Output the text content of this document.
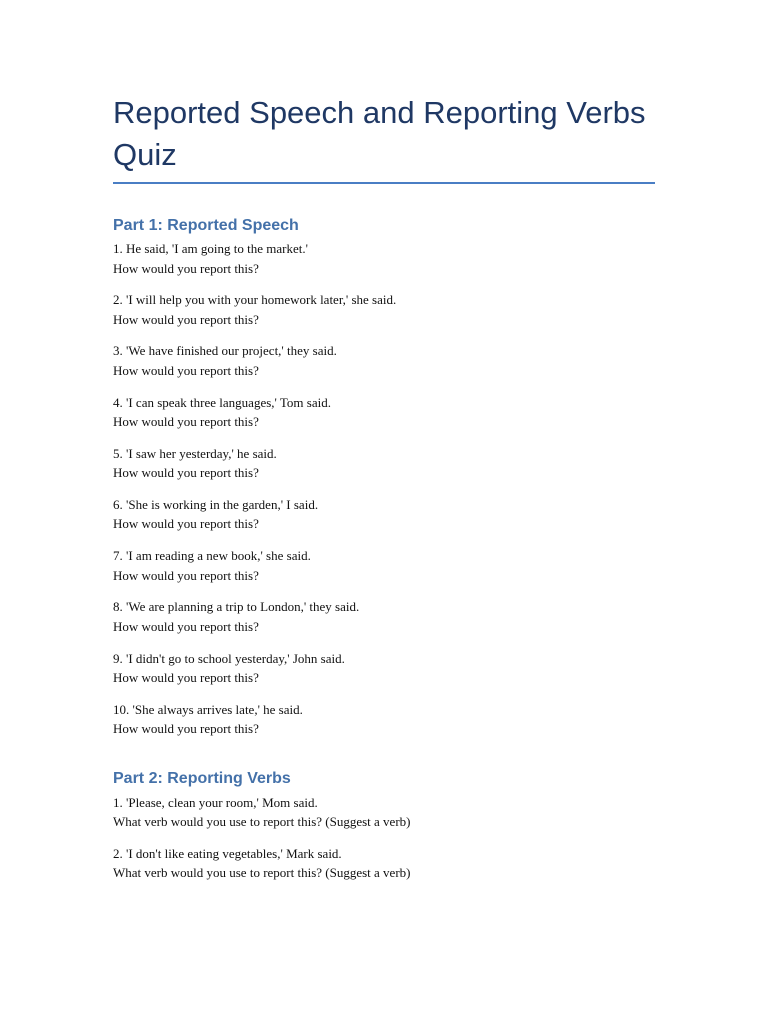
Reported Speech and Reporting Verbs Quiz
Part 1: Reported Speech
1. He said, 'I am going to the market.'
How would you report this?
2. 'I will help you with your homework later,' she said.
How would you report this?
3. 'We have finished our project,' they said.
How would you report this?
4. 'I can speak three languages,' Tom said.
How would you report this?
5. 'I saw her yesterday,' he said.
How would you report this?
6. 'She is working in the garden,' I said.
How would you report this?
7. 'I am reading a new book,' she said.
How would you report this?
8. 'We are planning a trip to London,' they said.
How would you report this?
9. 'I didn't go to school yesterday,' John said.
How would you report this?
10. 'She always arrives late,' he said.
How would you report this?
Part 2: Reporting Verbs
1. 'Please, clean your room,' Mom said.
What verb would you use to report this? (Suggest a verb)
2. 'I don't like eating vegetables,' Mark said.
What verb would you use to report this? (Suggest a verb)
